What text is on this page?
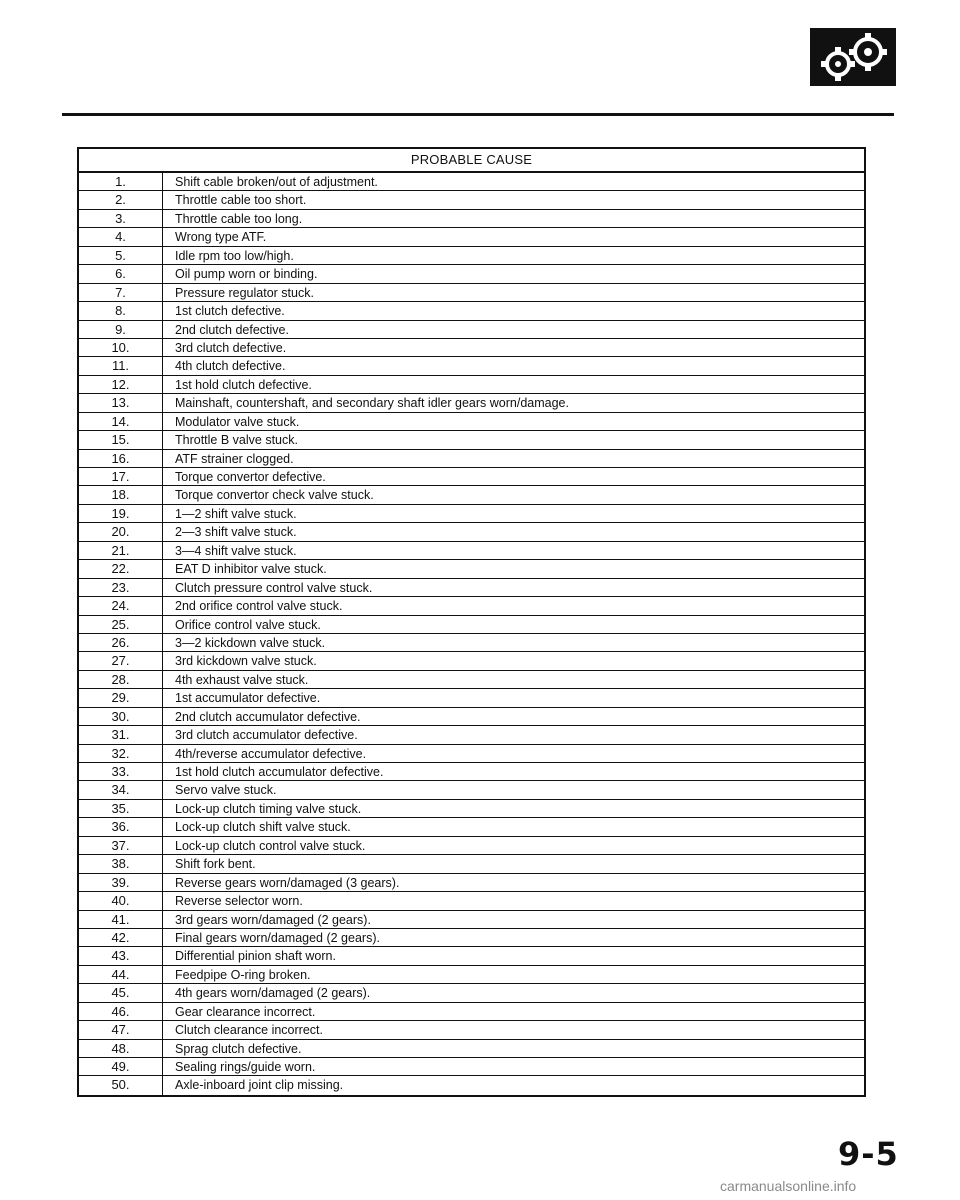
PROBABLE CAUSE
1.	Shift cable broken/out of adjustment.
2.	Throttle cable too short.
3.	Throttle cable too long.
4.	Wrong type ATF.
5.	Idle rpm too low/high.
6.	Oil pump worn or binding.
7.	Pressure regulator stuck.
8.	1st clutch defective.
9.	2nd clutch defective.
10.	3rd clutch defective.
11.	4th clutch defective.
12.	1st hold clutch defective.
13.	Mainshaft, countershaft, and secondary shaft idler gears worn/damage.
14.	Modulator valve stuck.
15.	Throttle B valve stuck.
16.	ATF strainer clogged.
17.	Torque convertor defective.
18.	Torque convertor check valve stuck.
19.	1—2 shift valve stuck.
20.	2—3 shift valve stuck.
21.	3—4 shift valve stuck.
22.	EAT D inhibitor valve stuck.
23.	Clutch pressure control valve stuck.
24.	2nd orifice control valve stuck.
25.	Orifice control valve stuck.
26.	3—2 kickdown valve stuck.
27.	3rd kickdown valve stuck.
28.	4th exhaust valve stuck.
29.	1st accumulator defective.
30.	2nd clutch accumulator defective.
31.	3rd clutch accumulator defective.
32.	4th/reverse accumulator defective.
33.	1st hold clutch accumulator defective.
34.	Servo valve stuck.
35.	Lock-up clutch timing valve stuck.
36.	Lock-up clutch shift valve stuck.
37.	Lock-up clutch control valve stuck.
38.	Shift fork bent.
39.	Reverse gears worn/damaged (3 gears).
40.	Reverse selector worn.
41.	3rd gears worn/damaged (2 gears).
42.	Final gears worn/damaged (2 gears).
43.	Differential pinion shaft worn.
44.	Feedpipe O-ring broken.
45.	4th gears worn/damaged (2 gears).
46.	Gear clearance incorrect.
47.	Clutch clearance incorrect.
48.	Sprag clutch defective.
49.	Sealing rings/guide worn.
50.	Axle-inboard joint clip missing.
9-5
carmanualsonline.info
